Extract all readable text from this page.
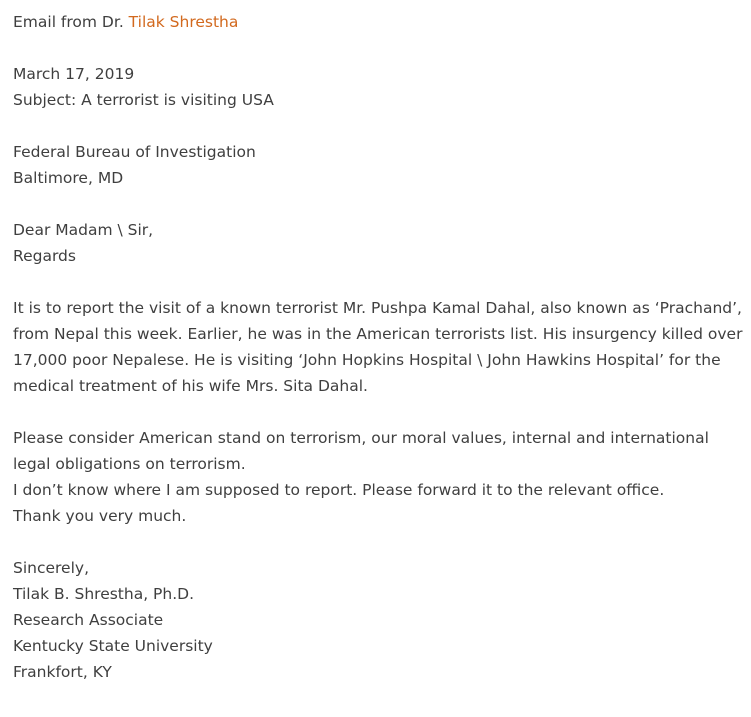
Email from Dr. Tilak Shrestha
March 17, 2019
Subject: A terrorist is visiting USA
Federal Bureau of Investigation
Baltimore, MD
Dear Madam \ Sir,
Regards
It is to report the visit of a known terrorist Mr. Pushpa Kamal Dahal, also known as ‘Prachand’,
from Nepal this week. Earlier, he was in the American terrorists list. His insurgency killed over
17,000 poor Nepalese. He is visiting ‘John Hopkins Hospital \ John Hawkins Hospital’ for the
medical treatment of his wife Mrs. Sita Dahal.
Please consider American stand on terrorism, our moral values, internal and international
legal obligations on terrorism.
I don’t know where I am supposed to report. Please forward it to the relevant office.
Thank you very much.
Sincerely,
Tilak B. Shrestha, Ph.D.
Research Associate
Kentucky State University
Frankfort, KY
